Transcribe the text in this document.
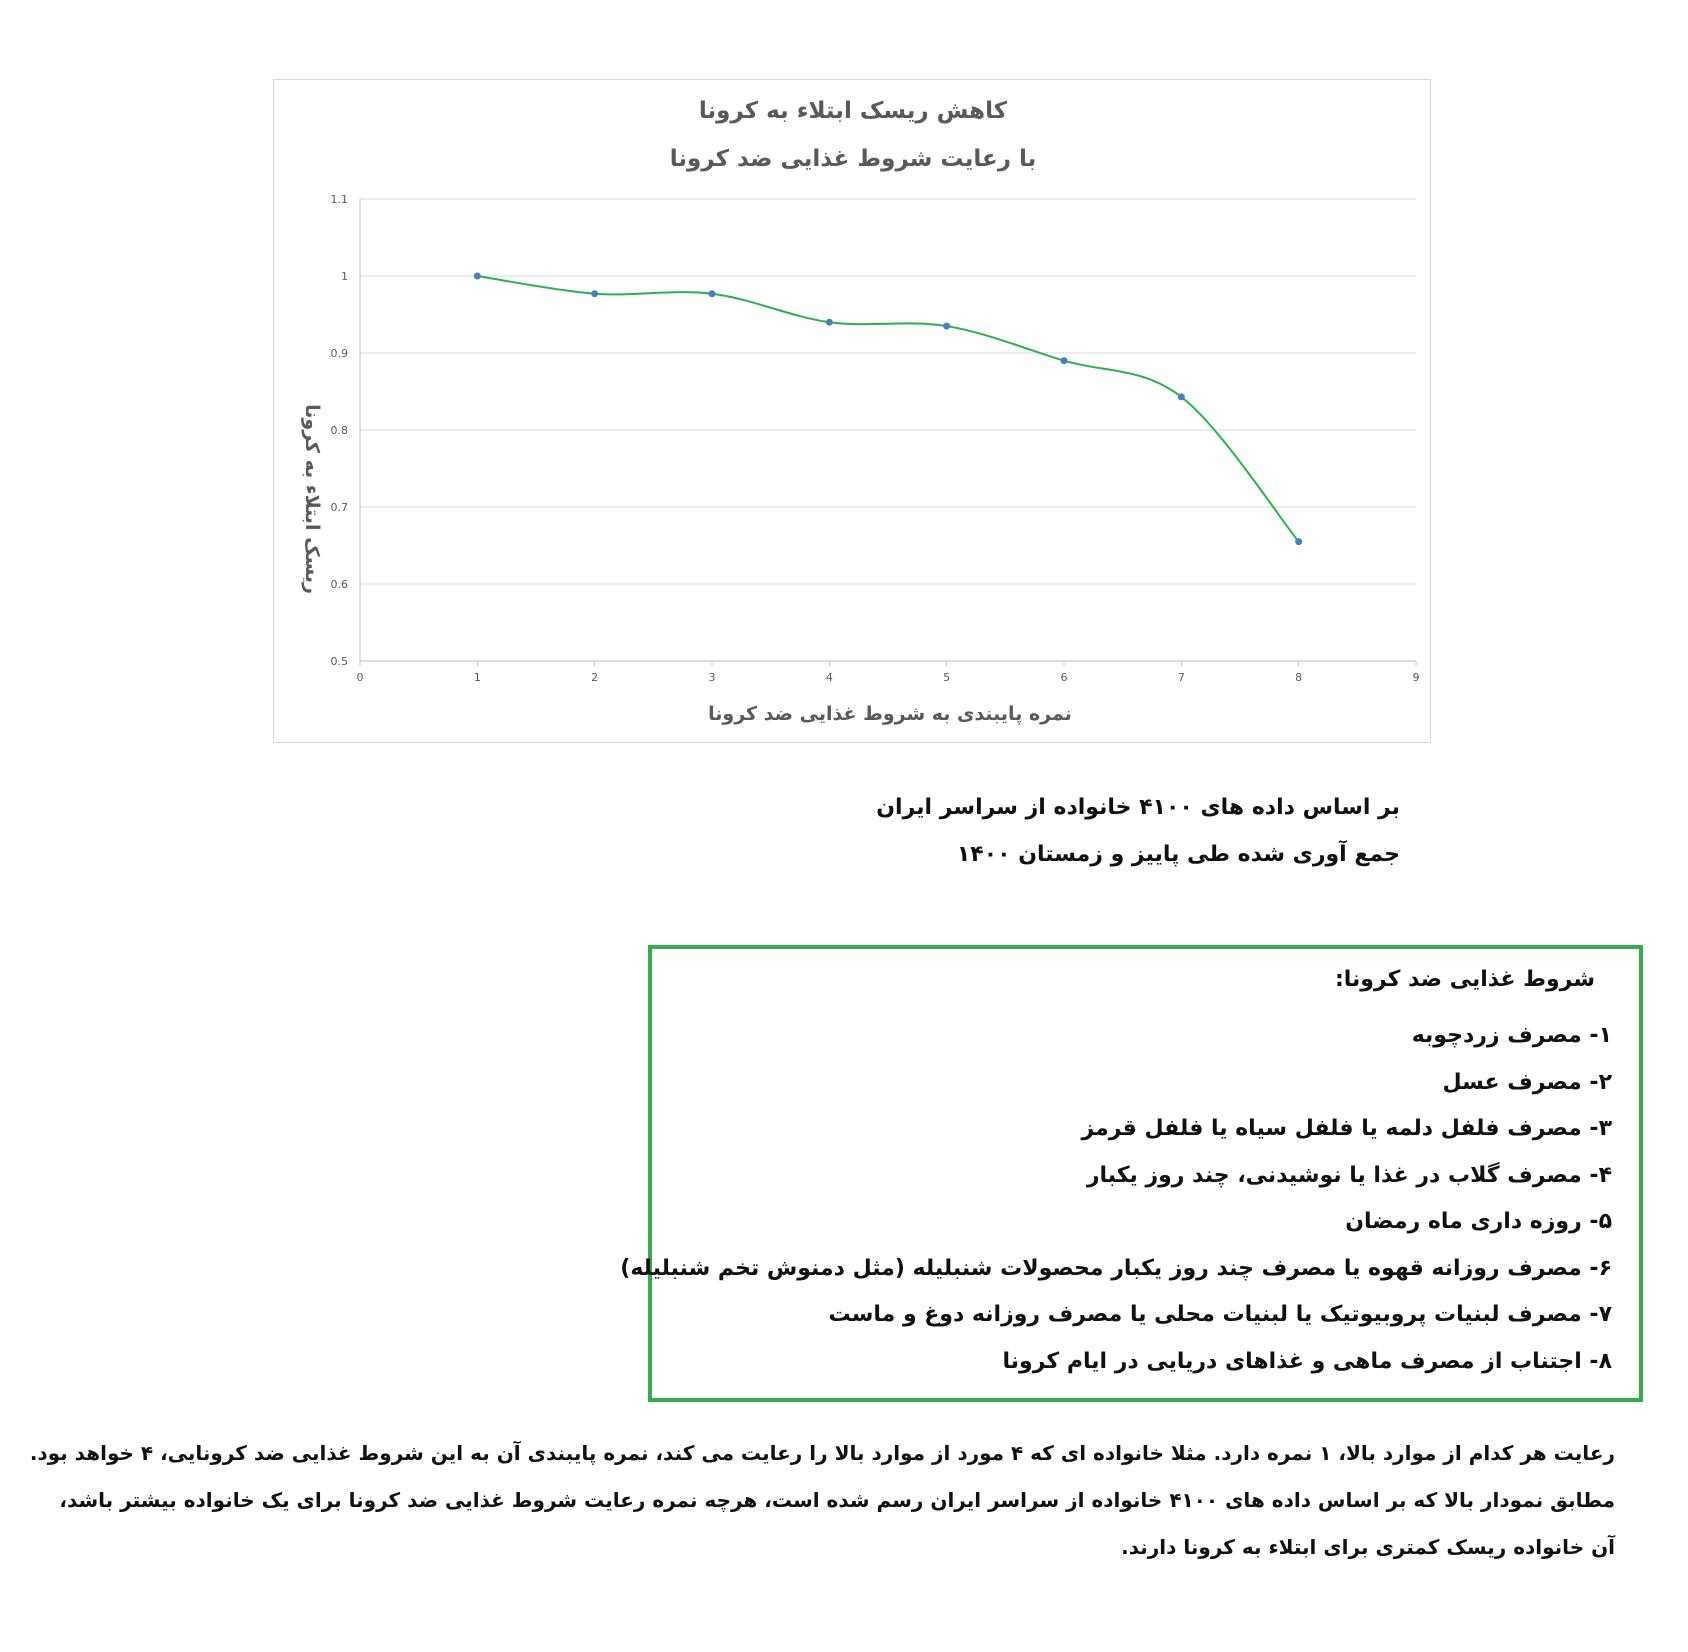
0	1	2	3	4	5	6	7	8	9
0.5
0.6
0.7
0.8
0.9
1
1.1
نمره پایبندی به شروط غذایی ضد کرونا
ریسک ابتلاء به کرونا
کاهش ریسک ابتلاء به کرونا
با رعایت شروط غذایی ضد کرونا
بر اساس داده های ۴۱۰۰ خانواده از سراسر ایران
جمع آوری شده طی پاییز و زمستان ۱۴۰۰
شروط غذایی ضد کرونا:
۱- مصرف زردچوبه
۲- مصرف عسل
۳- مصرف فلفل دلمه یا فلفل سیاه یا فلفل قرمز
۴- مصرف گلاب در غذا یا نوشیدنی، چند روز یکبار
۵- روزه داری ماه رمضان
۶- مصرف روزانه قهوه یا مصرف چند روز یکبار محصولات شنبلیله (مثل دمنوش تخم شنبلیله)
۷- مصرف لبنیات پروبیوتیک یا لبنیات محلی یا مصرف روزانه دوغ و ماست
۸- اجتناب از مصرف ماهی و غذاهای دریایی در ایام کرونا
رعایت هر کدام از موارد بالا، ۱ نمره دارد. مثلا خانواده ای که ۴ مورد از موارد بالا را رعایت می کند، نمره پایبندی آن به این شروط غذایی ضد کرونایی، ۴ خواهد بود.
مطابق نمودار بالا که بر اساس داده های ۴۱۰۰ خانواده از سراسر ایران رسم شده است، هرچه نمره رعایت شروط غذایی ضد کرونا برای یک خانواده بیشتر باشد،
آن خانواده ریسک کمتری برای ابتلاء به کرونا دارند.
